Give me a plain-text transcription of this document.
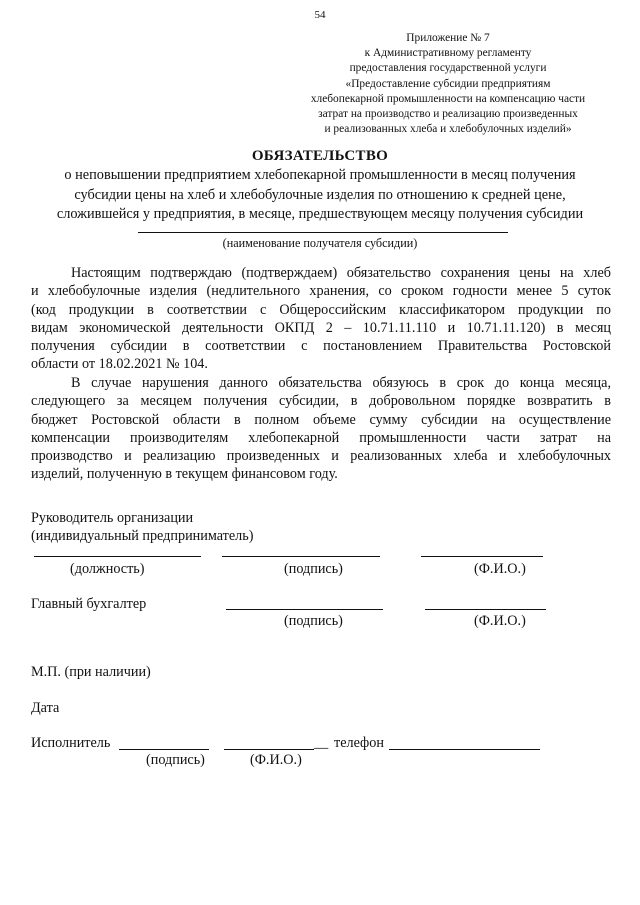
54
Приложение № 7
к Административному регламенту
предоставления государственной услуги
«Предоставление субсидии предприятиям
хлебопекарной промышленности на компенсацию части
затрат на производство и реализацию произведенных
и реализованных хлеба и хлебобулочных изделий»
ОБЯЗАТЕЛЬСТВО
о неповышении предприятием хлебопекарной промышленности в месяц получения
субсидии цены на хлеб и хлебобулочные изделия по отношению к средней цене,
сложившейся у предприятия, в месяце, предшествующем месяцу получения субсидии
(наименование получателя субсидии)
Настоящим подтверждаю (подтверждаем) обязательство сохранения цены на хлеб
и хлебобулочные изделия (недлительного хранения, со сроком годности менее 5 суток
(код продукции в соответствии с Общероссийским классификатором продукции по
видам экономической деятельности ОКПД 2 – 10.71.11.110 и 10.71.11.120) в месяц
получения субсидии в соответствии с постановлением Правительства Ростовской
области от 18.02.2021 № 104.
В случае нарушения данного обязательства обязуюсь в срок до конца месяца,
следующего за месяцем получения субсидии, в добровольном порядке возвратить в
бюджет Ростовской области в полном объеме сумму субсидии на осуществление
компенсации производителям хлебопекарной промышленности части затрат на
производство и реализацию произведенных и реализованных хлеба и хлебобулочных
изделий, полученную в текущем финансовом году.
Руководитель организации
(индивидуальный предприниматель)
(должность)	(подпись)	(Ф.И.О.)
Главный бухгалтер
(подпись)	(Ф.И.О.)
М.П. (при наличии)
Дата
Исполнитель	__ телефон
(подпись)	(Ф.И.О.)
